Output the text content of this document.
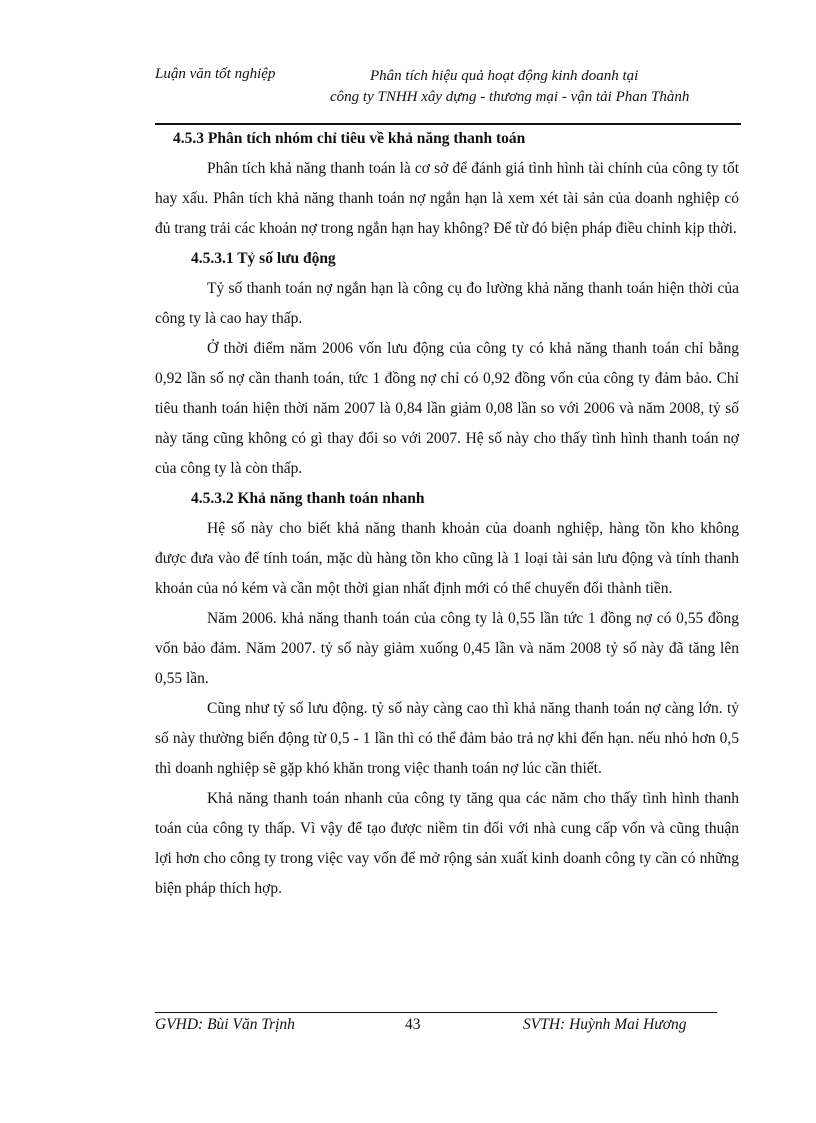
Luận văn tốt nghiệp	Phân tích hiệu quả hoạt động kinh doanh tại
công ty TNHH xây dựng - thương mại - vận tải Phan Thành
4.5.3 Phân tích nhóm chỉ tiêu về khả năng thanh toán

Phân tích khả năng thanh toán là cơ sở để đánh giá tình hình tài chính của công ty tốt hay xấu. Phân tích khả năng thanh toán nợ ngắn hạn là xem xét tài sản của doanh nghiệp có đủ trang trải các khoản nợ trong ngắn hạn hay không? Để từ đó biện pháp điều chỉnh kịp thời.

4.5.3.1 Tỷ số lưu động

Tỷ số thanh toán nợ ngắn hạn là công cụ đo lường khả năng thanh toán hiện thời của công ty là cao hay thấp.

Ở thời điểm năm 2006 vốn lưu động của công ty có khả năng thanh toán chỉ bằng 0,92 lần số nợ cần thanh toán, tức 1 đồng nợ chỉ có 0,92 đồng vốn của công ty đảm bảo. Chỉ tiêu thanh toán hiện thời năm 2007 là 0,84 lần giảm 0,08 lần so với 2006 và năm 2008, tỷ số này tăng cũng không có gì thay đổi so với 2007. Hệ số này cho thấy tình hình thanh toán nợ của công ty là còn thấp.

4.5.3.2 Khả năng thanh toán nhanh

Hệ số này cho biết khả năng thanh khoản của doanh nghiệp, hàng tồn kho không được đưa vào để tính toán, mặc dù hàng tồn kho cũng là 1 loại tài sản lưu động và tính thanh khoản của nó kém và cần một thời gian nhất định mới có thể chuyển đổi thành tiền.

Năm 2006. khả năng thanh toán của công ty là 0,55 lần tức 1 đồng nợ có 0,55 đồng vốn bảo đảm. Năm 2007. tỷ số này giảm xuống 0,45 lần và năm 2008 tỷ số này đã tăng lên 0,55 lần.

Cũng như tỷ số lưu động. tỷ số này càng cao thì khả năng thanh toán nợ càng lớn. tỷ số này thường biến động từ 0,5 - 1 lần thì có thể đảm bảo trả nợ khi đến hạn. nếu nhỏ hơn 0,5 thì doanh nghiệp sẽ gặp khó khăn trong việc thanh toán nợ lúc cần thiết.

Khả năng thanh toán nhanh của công ty tăng qua các năm cho thấy tình hình thanh toán của công ty thấp. Vì vậy để tạo được niềm tin đối với nhà cung cấp vốn và cũng thuận lợi hơn cho công ty trong việc vay vốn để mở rộng sản xuất kinh doanh công ty cần có những biện pháp thích hợp.

GVHD: Bùi Văn Trịnh	43	SVTH: Huỳnh Mai Hương
